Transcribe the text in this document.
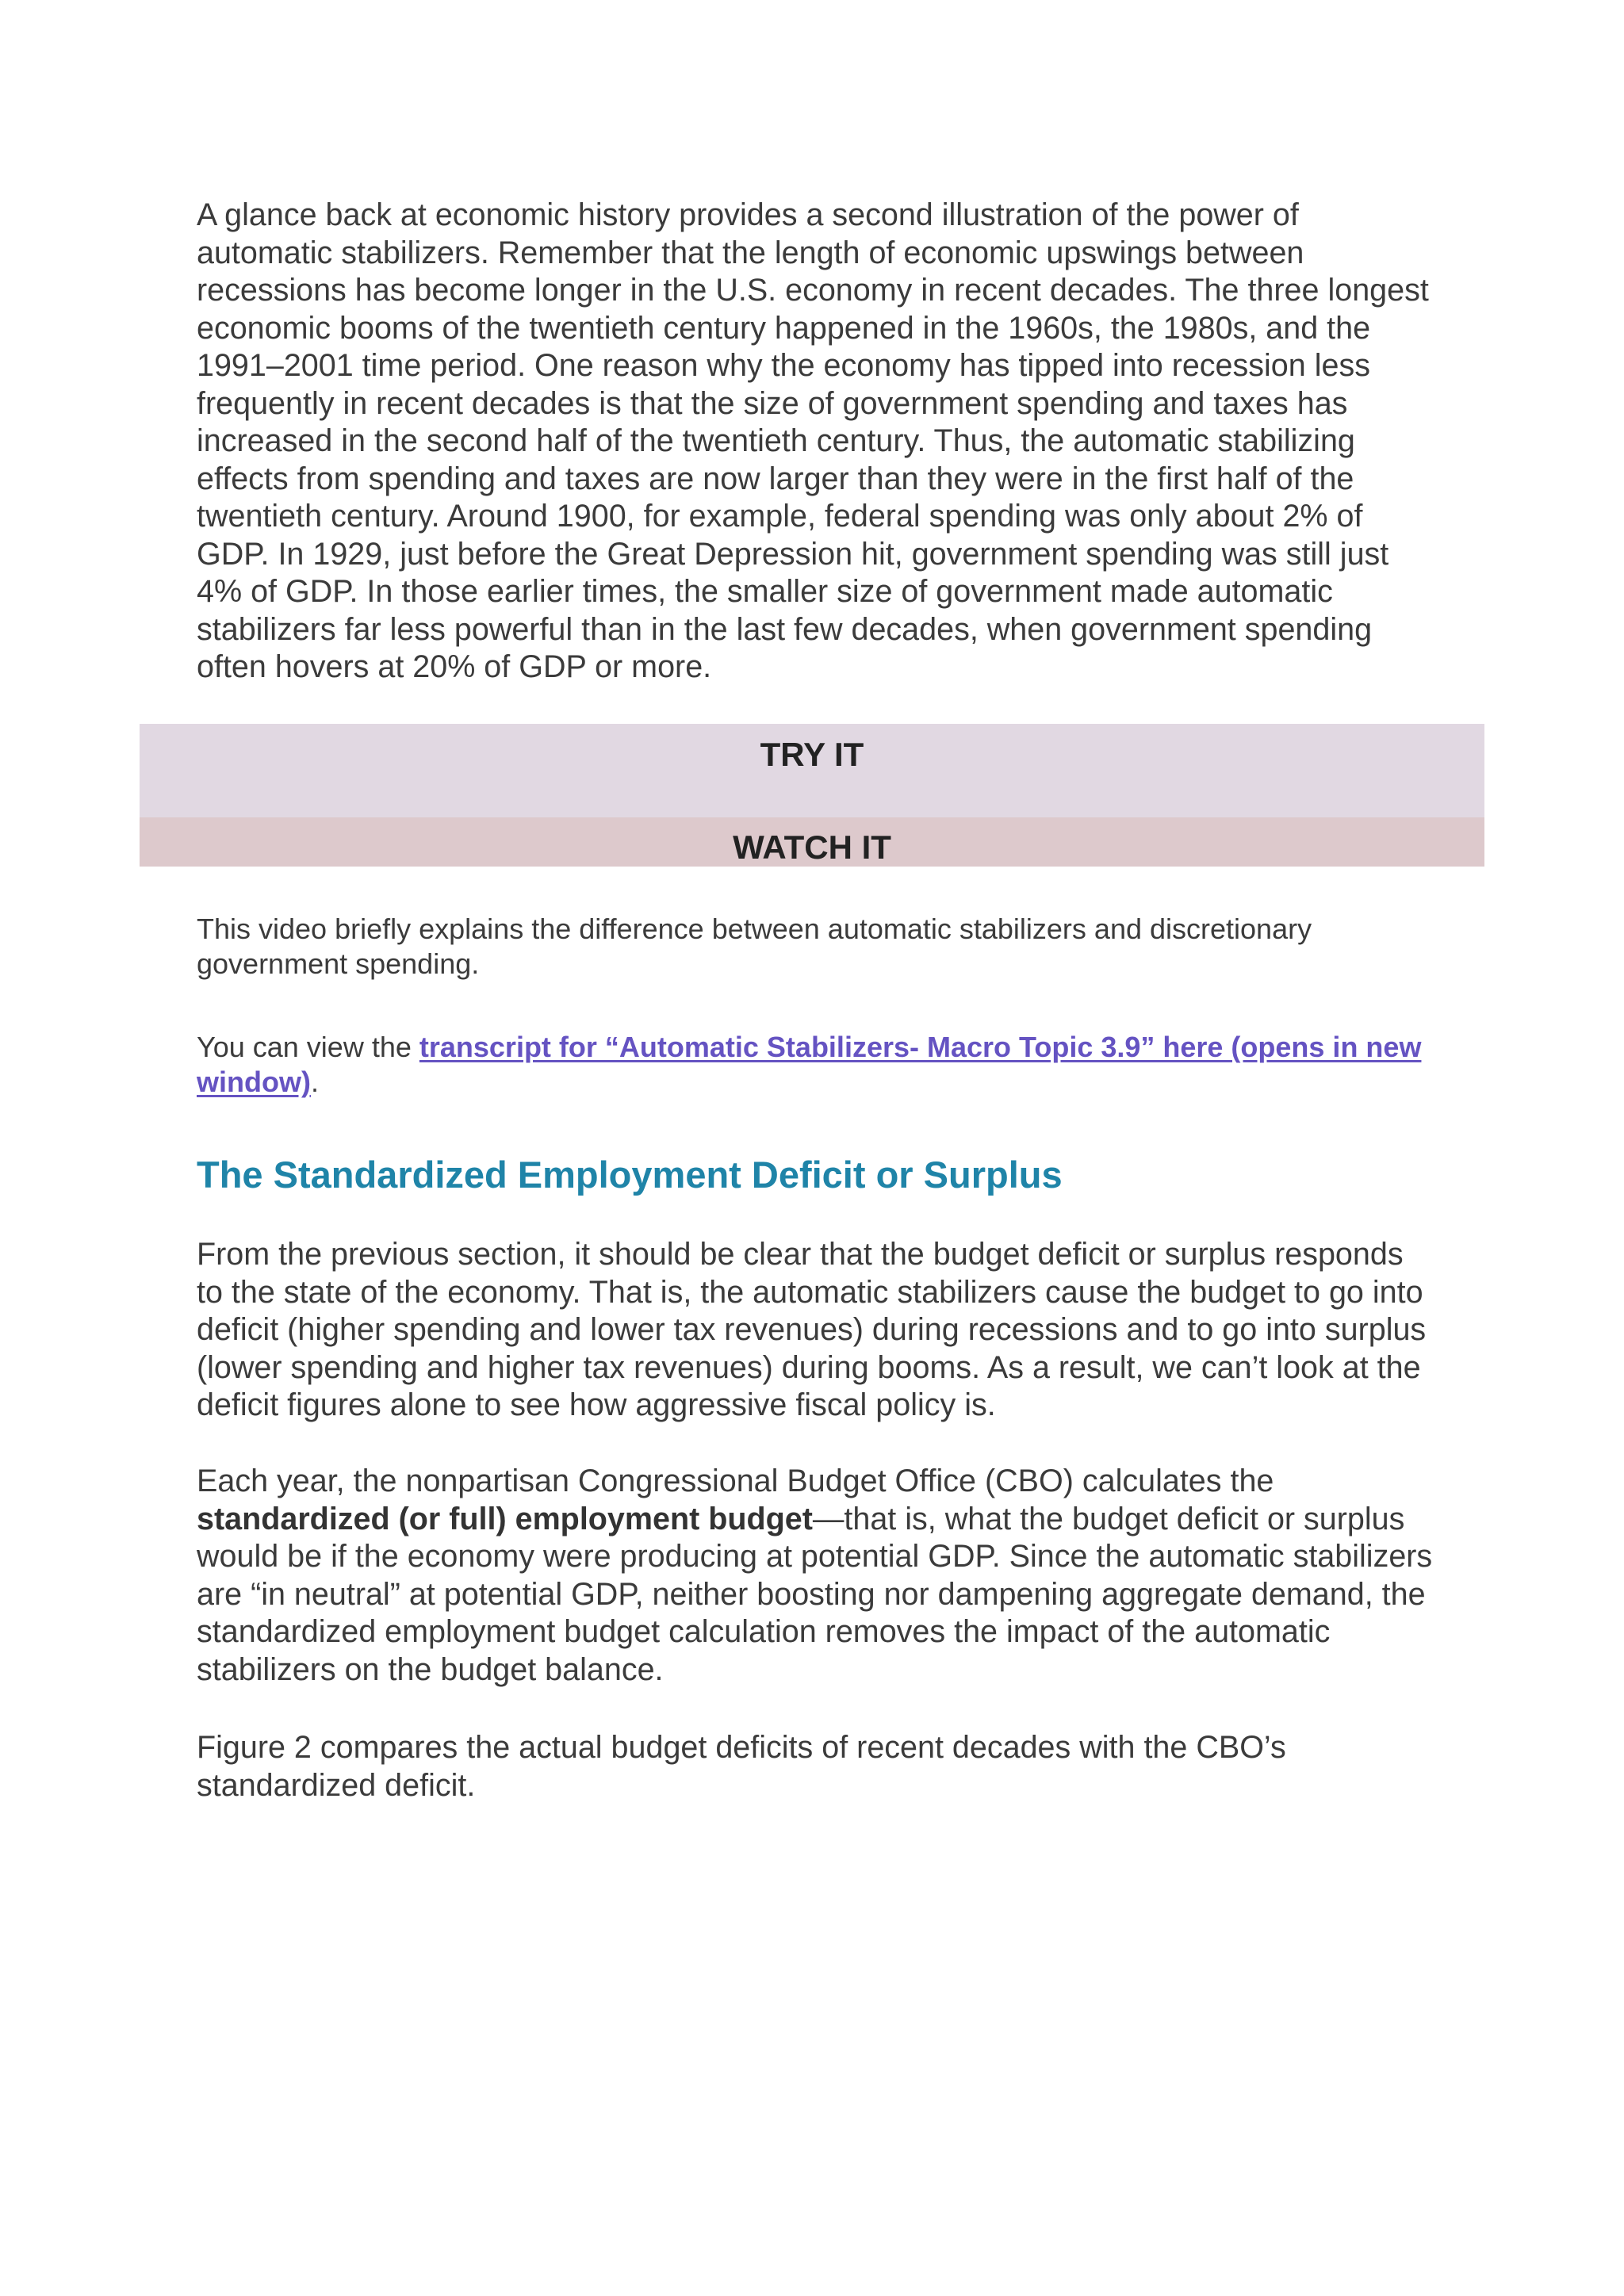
A glance back at economic history provides a second illustration of the power of automatic stabilizers. Remember that the length of economic upswings between recessions has become longer in the U.S. economy in recent decades. The three longest economic booms of the twentieth century happened in the 1960s, the 1980s, and the 1991–2001 time period. One reason why the economy has tipped into recession less frequently in recent decades is that the size of government spending and taxes has increased in the second half of the twentieth century. Thus, the automatic stabilizing effects from spending and taxes are now larger than they were in the first half of the twentieth century. Around 1900, for example, federal spending was only about 2% of GDP. In 1929, just before the Great Depression hit, government spending was still just 4% of GDP. In those earlier times, the smaller size of government made automatic stabilizers far less powerful than in the last few decades, when government spending often hovers at 20% of GDP or more.

TRY IT
WATCH IT

This video briefly explains the difference between automatic stabilizers and discretionary government spending.

You can view the transcript for “Automatic Stabilizers- Macro Topic 3.9” here (opens in new window).

The Standardized Employment Deficit or Surplus

From the previous section, it should be clear that the budget deficit or surplus responds to the state of the economy. That is, the automatic stabilizers cause the budget to go into deficit (higher spending and lower tax revenues) during recessions and to go into surplus (lower spending and higher tax revenues) during booms. As a result, we can’t look at the deficit figures alone to see how aggressive fiscal policy is.

Each year, the nonpartisan Congressional Budget Office (CBO) calculates the standardized (or full) employment budget—that is, what the budget deficit or surplus would be if the economy were producing at potential GDP. Since the automatic stabilizers are “in neutral” at potential GDP, neither boosting nor dampening aggregate demand, the standardized employment budget calculation removes the impact of the automatic stabilizers on the budget balance.

Figure 2 compares the actual budget deficits of recent decades with the CBO’s standardized deficit.
